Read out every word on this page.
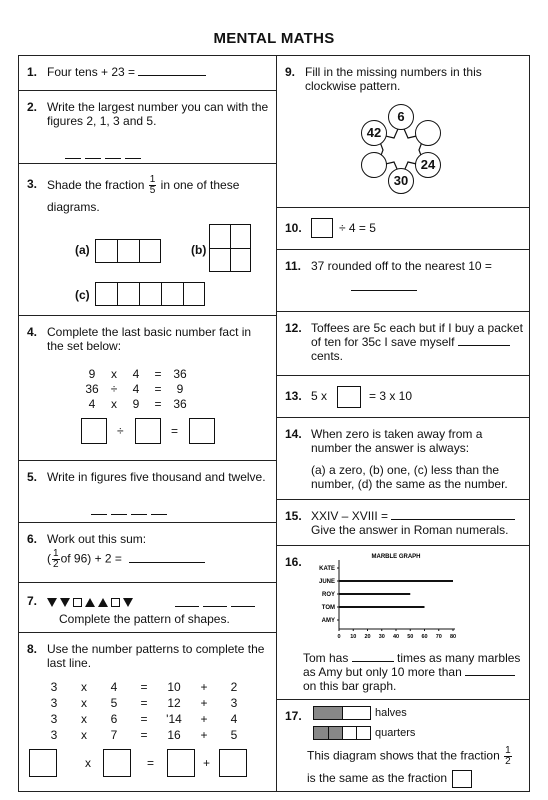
MENTAL MATHS
1. Four tens + 23 =
2. Write the largest number you can with the figures 2, 1, 3 and 5.
3. Shade the fraction $\frac{1}{5}$ in one of these diagrams.
(a)	(b)
(c)
4. Complete the last basic number fact in the set below:
9	x	4	= 36
36	÷	4	=	9
4	x	9	= 36
÷	=
5. Write in figures five thousand and twelve.
6. Work out this sum:
( $\frac{1}{2}$ of 96) + 2 =
7.
Complete the pattern of shapes.
8. Use the number patterns to complete the last line.
3	x	4	=	10	+	2
3	x	5	=	12	+	3
3	x	6	=	'14	+	4
3	x	7	=	16	+	5
x	=	+
9. Fill in the missing numbers in this clockwise pattern.
6
24
30
42
10.	÷ 4 = 5
11. 37 rounded off to the nearest 10 =
12. Toffees are 5c each but if I buy a packet of ten for 35c I save myself  cents.
13. 5 x	= 3 x 10
14. When zero is taken away from a number the answer is always:
(a) a zero, (b) one, (c) less than the number, (d) the same as the number.
15. XXIV – XVIII =
Give the answer in Roman numerals.
16.	MARBLE GRAPH
KATE
JUNE
ROY
TOM
AMY
0 10 20 30 40 50 60 70 80
Tom has	times as many marbles as Amy but only 10 more than  on this bar graph.
17.	halves
quarters
This diagram shows that the fraction $\frac{1}{2}$
is the same as the fraction
